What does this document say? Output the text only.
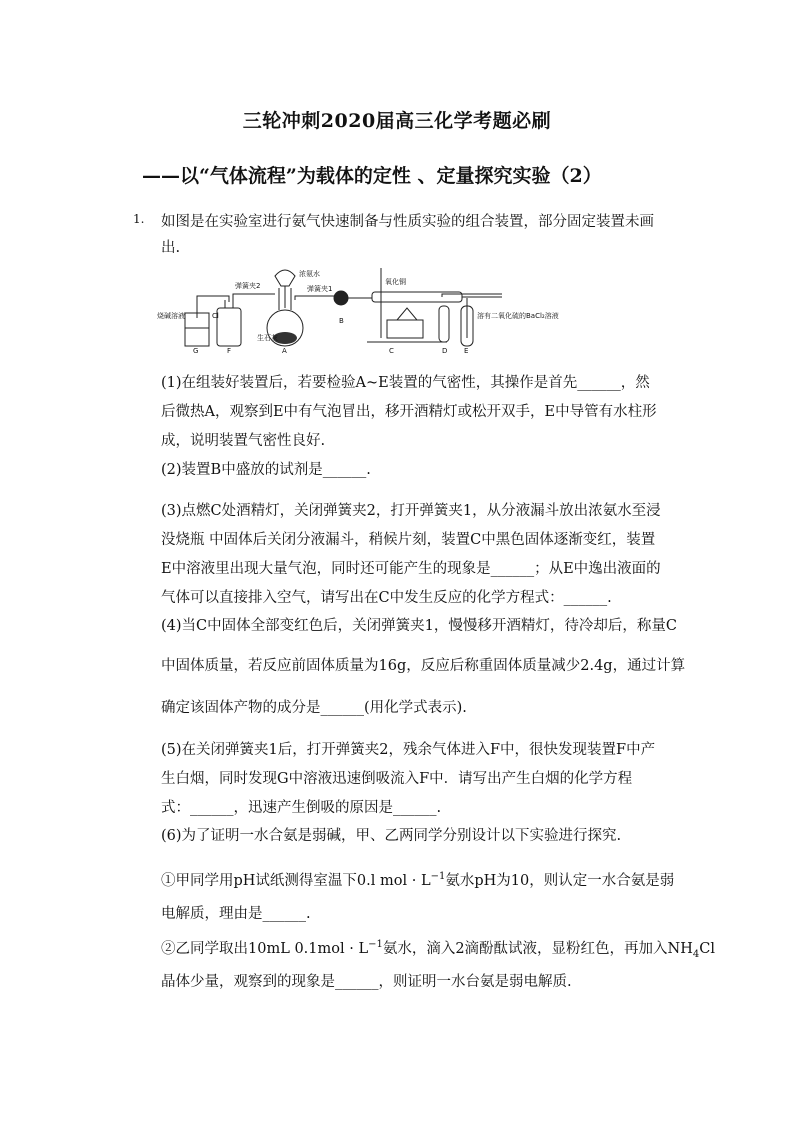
三轮冲刺2020届高三化学考题必刷
——以“气体流程”为载体的定性 、定量探究实验（2）
1. 如图是在实验室进行氨气快速制备与性质实验的组合装置，部分固定装置未画出.
烧碱溶液	Cl
弹簧夹2
浓氨水
弹簧夹1
氧化铜
生石灰
溶有二氧化硫的BaCl₂溶液
G	F	A
B
C	D E
(1)在组装好装置后，若要检验A~E装置的气密性，其操作是首先______，然后微热A，观察到E中有气泡冒出，移开酒精灯或松开双手，E中导管有水柱形成，说明装置气密性良好.
(2)装置B中盛放的试剂是______.
(3)点燃C处酒精灯，关闭弹簧夹2，打开弹簧夹1，从分液漏斗放出浓氨水至浸没烧瓶 中固体后关闭分液漏斗，稍候片刻，装置C中黑色固体逐渐变红，装置E中溶液里出现大量气泡，同时还可能产生的现象是______；从E中逸出液面的气体可以直接排入空气，请写出在C中发生反应的化学方程式：______.
(4)当C中固体全部变红色后，关闭弹簧夹1，慢慢移开酒精灯，待冷却后，称量C
中固体质量，若反应前固体质量为16g，反应后称重固体质量减少2.4g，通过计算
确定该固体产物的成分是______(用化学式表示).
(5)在关闭弹簧夹1后，打开弹簧夹2，残余气体进入F中，很快发现装置F中产生白烟，同时发现G中溶液迅速倒吸流入F中．请写出产生白烟的化学方程式：______，迅速产生倒吸的原因是______.
(6)为了证明一水合氨是弱碱，甲、乙两同学分别设计以下实验进行探究.
①甲同学用pH试纸测得室温下0.l mol · $L^{-1}$氨水pH为10，则认定一水合氨是弱
电解质，理由是______.
②乙同学取出10mL $0.1mol \cdot L^{-1}$氨水，滴入2滴酚酞试液，显粉红色，再加入$NH_4Cl$
晶体少量，观察到的现象是______，则证明一水台氨是弱电解质.
